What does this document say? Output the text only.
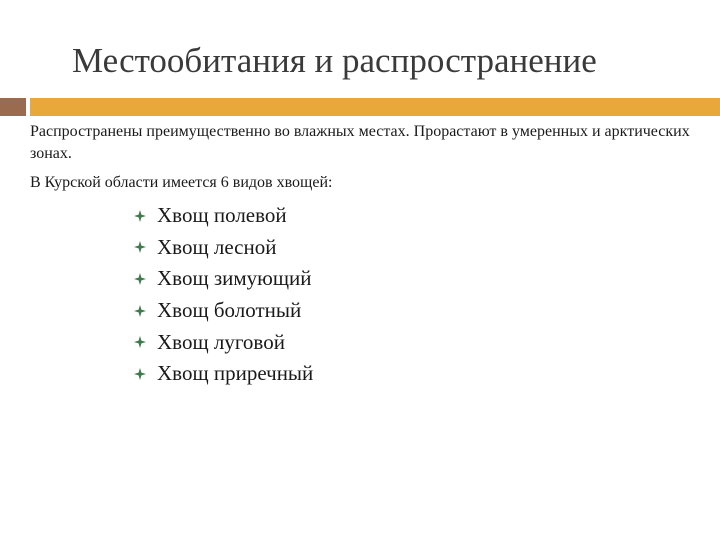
Местообитания и распространение

Распространены преимущественно во влажных местах. Прорастают в умеренных и арктических зонах.

В Курской области имеется 6 видов хвощей:

Хвощ полевой
Хвощ лесной
Хвощ зимующий
Хвощ болотный
Хвощ луговой
Хвощ приречный
